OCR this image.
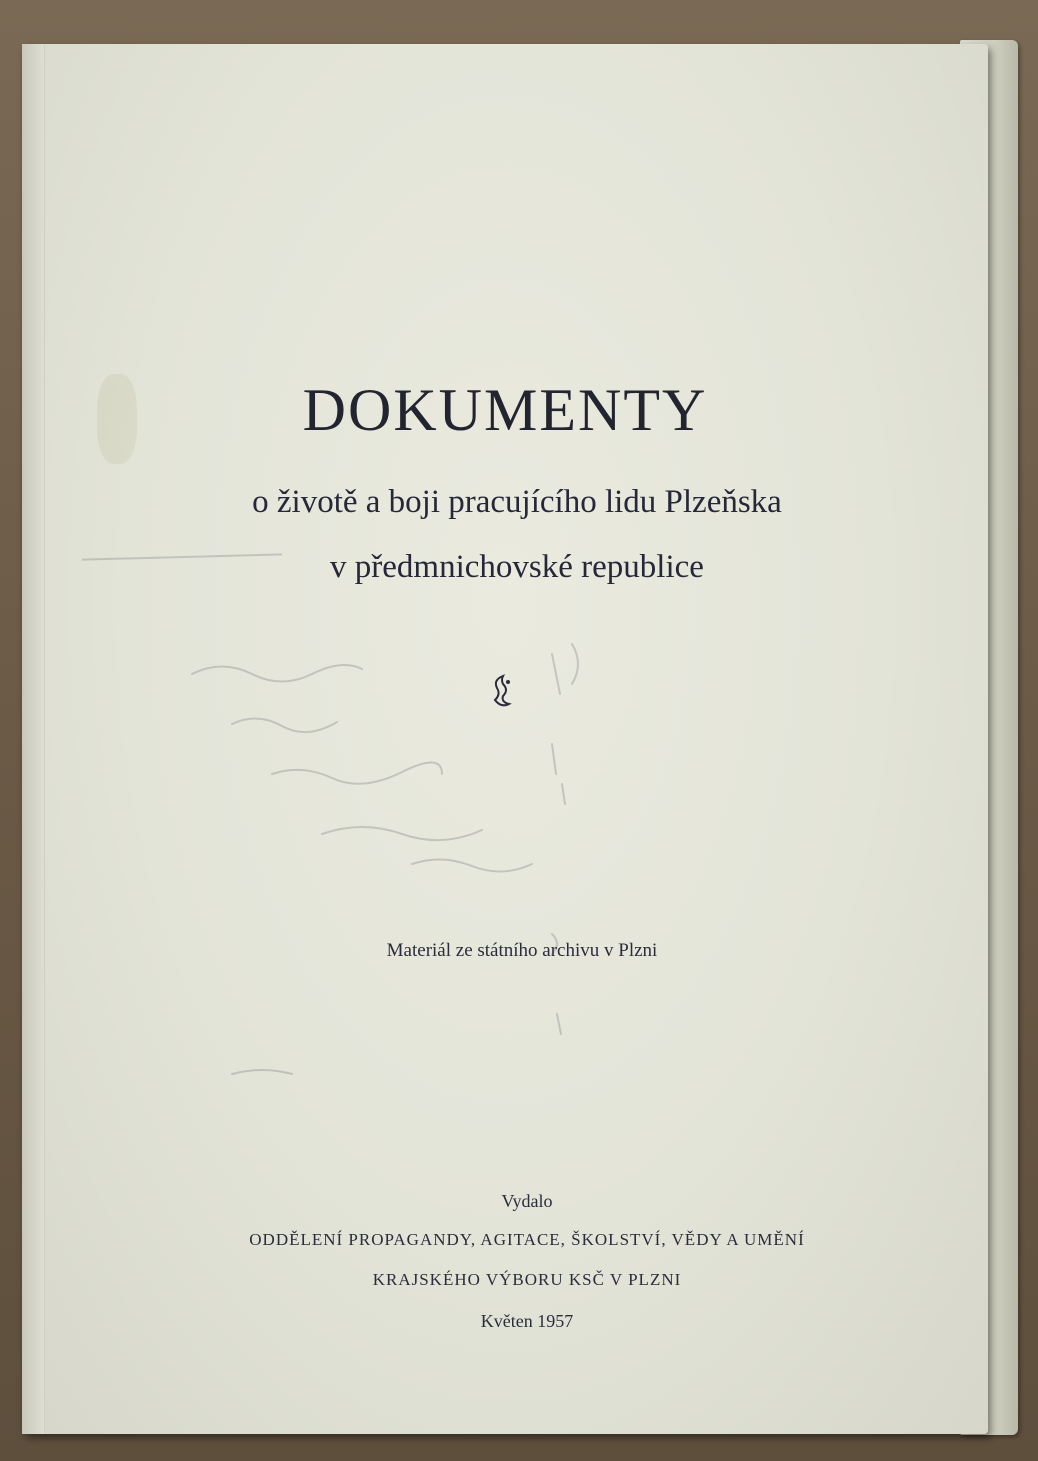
DOKUMENTY

o životě a boji pracujícího lidu Plzeňska

v předmnichovské republice

Materiál ze státního archivu v Plzni

Vydalo

ODDĚLENÍ PROPAGANDY, AGITACE, ŠKOLSTVÍ, VĚDY A UMĚNÍ

KRAJSKÉHO VÝBORU KSČ V PLZNI

Květen 1957
